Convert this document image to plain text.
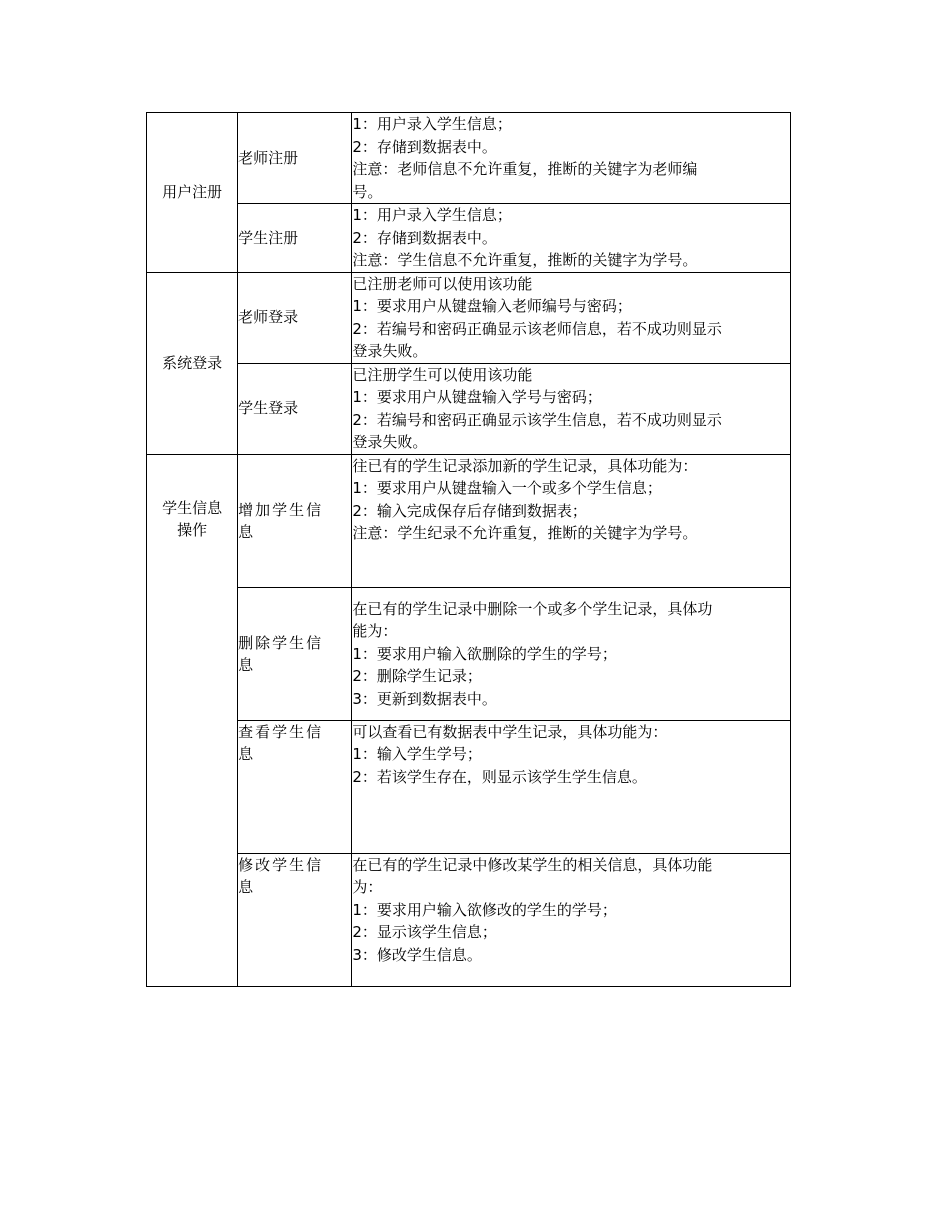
用户注册	老师注册	1：用户录入学生信息；
2：存储到数据表中。
注意：老师信息不允许重复，推断的关键字为老师编
号。

	学生注册	1：用户录入学生信息；
2：存储到数据表中。
注意：学生信息不允许重复，推断的关键字为学号。

系统登录	老师登录	已注册老师可以使用该功能
1：要求用户从键盘输入老师编号与密码；
2：若编号和密码正确显示该老师信息，若不成功则显示
登录失败。

	学生登录	已注册学生可以使用该功能
1：要求用户从键盘输入学号与密码；
2：若编号和密码正确显示该学生信息，若不成功则显示
登录失败。

学生信息
操作	增加学生信
息	往已有的学生记录添加新的学生记录，具体功能为：
1：要求用户从键盘输入一个或多个学生信息；
2：输入完成保存后存储到数据表；
注意：学生纪录不允许重复，推断的关键字为学号。

	删除学生信
息	在已有的学生记录中删除一个或多个学生记录，具体功
能为：
1：要求用户输入欲删除的学生的学号；
2：删除学生记录；
3：更新到数据表中。

	查看学生信
息	可以查看已有数据表中学生记录，具体功能为：
1：输入学生学号；
2：若该学生存在，则显示该学生学生信息。

	修改学生信
息	在已有的学生记录中修改某学生的相关信息，具体功能
为：
1：要求用户输入欲修改的学生的学号；
2：显示该学生信息；
3：修改学生信息。
